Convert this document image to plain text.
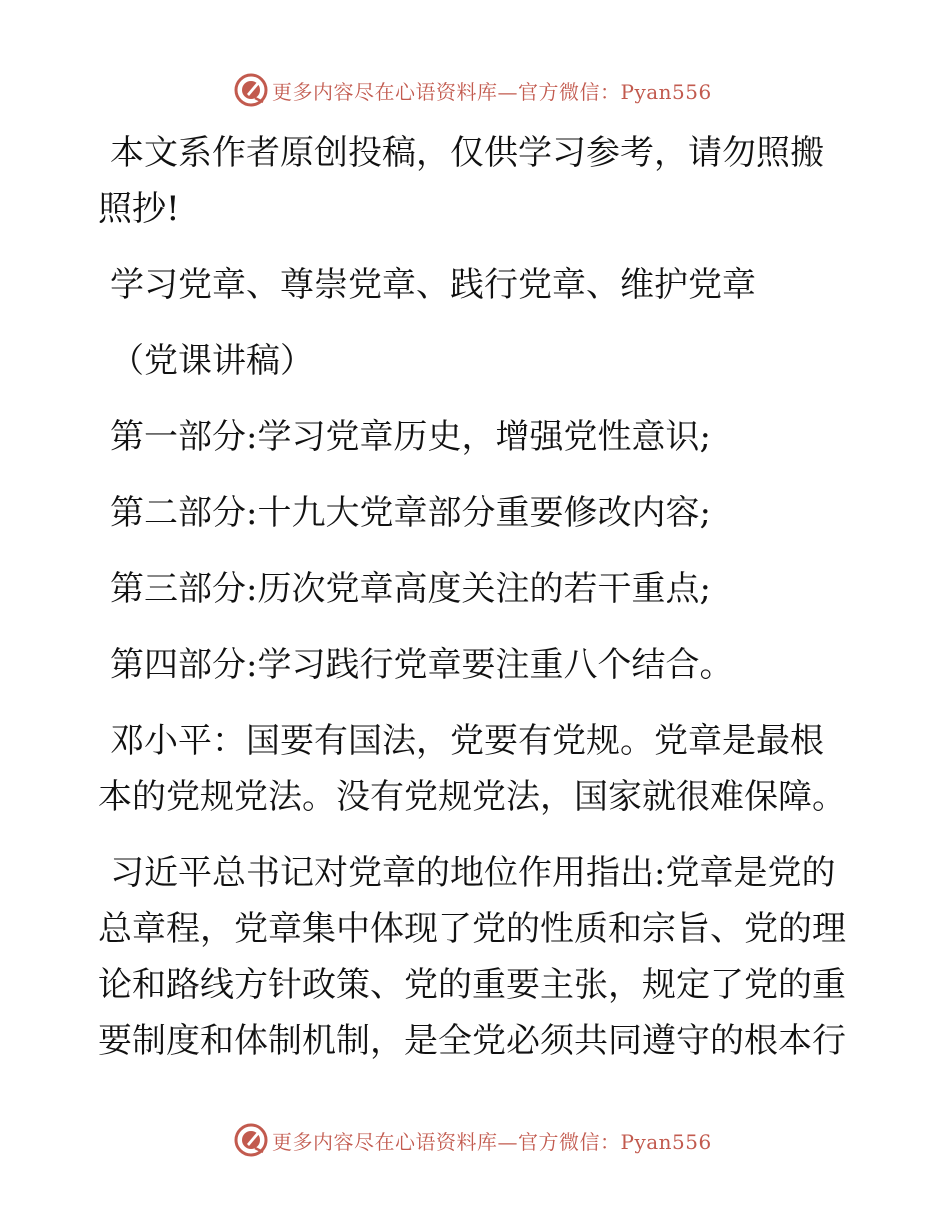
更多内容尽在心语资料库—官方微信：Pyan556
本文系作者原创投稿，仅供学习参考，请勿照搬
照抄!
学习党章、尊崇党章、践行党章、维护党章
（党课讲稿）
第一部分:学习党章历史，增强党性意识;
第二部分:十九大党章部分重要修改内容;
第三部分:历次党章高度关注的若干重点;
第四部分:学习践行党章要注重八个结合。
邓小平：国要有国法，党要有党规。党章是最根
本的党规党法。没有党规党法，国家就很难保障。
习近平总书记对党章的地位作用指出:党章是党的
总章程，党章集中体现了党的性质和宗旨、党的理
论和路线方针政策、党的重要主张，规定了党的重
要制度和体制机制，是全党必须共同遵守的根本行
更多内容尽在心语资料库—官方微信：Pyan556
